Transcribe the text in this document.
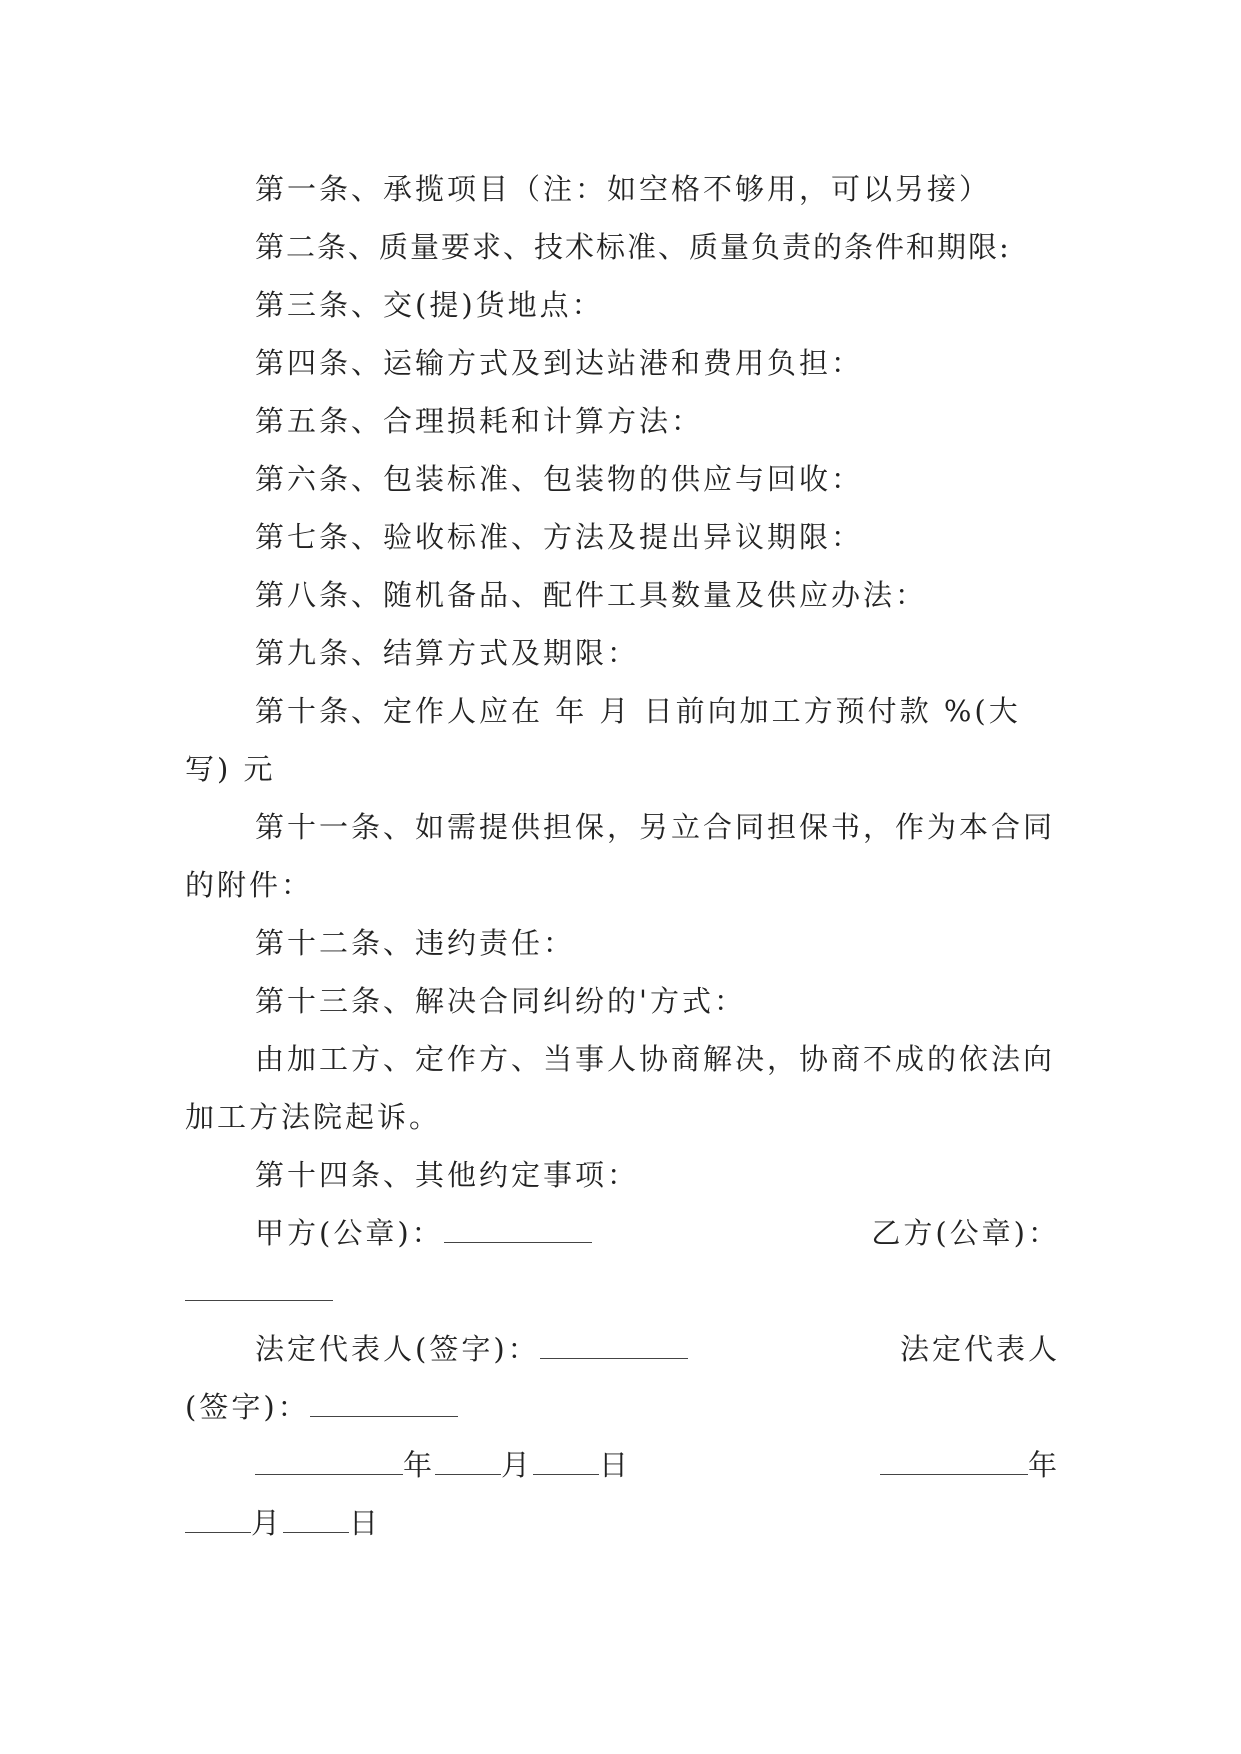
第一条、承揽项目（注：如空格不够用，可以另接）

第二条、质量要求、技术标准、质量负责的条件和期限:

第三条、交(提)货地点：

第四条、运输方式及到达站港和费用负担：

第五条、合理损耗和计算方法：

第六条、包装标准、包装物的供应与回收：

第七条、验收标准、方法及提出异议期限：

第八条、随机备品、配件工具数量及供应办法：

第九条、结算方式及期限：

第十条、定作人应在 年 月 日前向加工方预付款 %(大写) 元

第十一条、如需提供担保，另立合同担保书，作为本合同的附件：

第十二条、违约责任：

第十三条、解决合同纠纷的'方式：

由加工方、定作方、当事人协商解决，协商不成的依法向加工方法院起诉。

第十四条、其他约定事项：

甲方(公章)：	乙方(公章)：
法定代表人(签字)：	法定代表人
(签字)：
年 月 日	年
月 日
